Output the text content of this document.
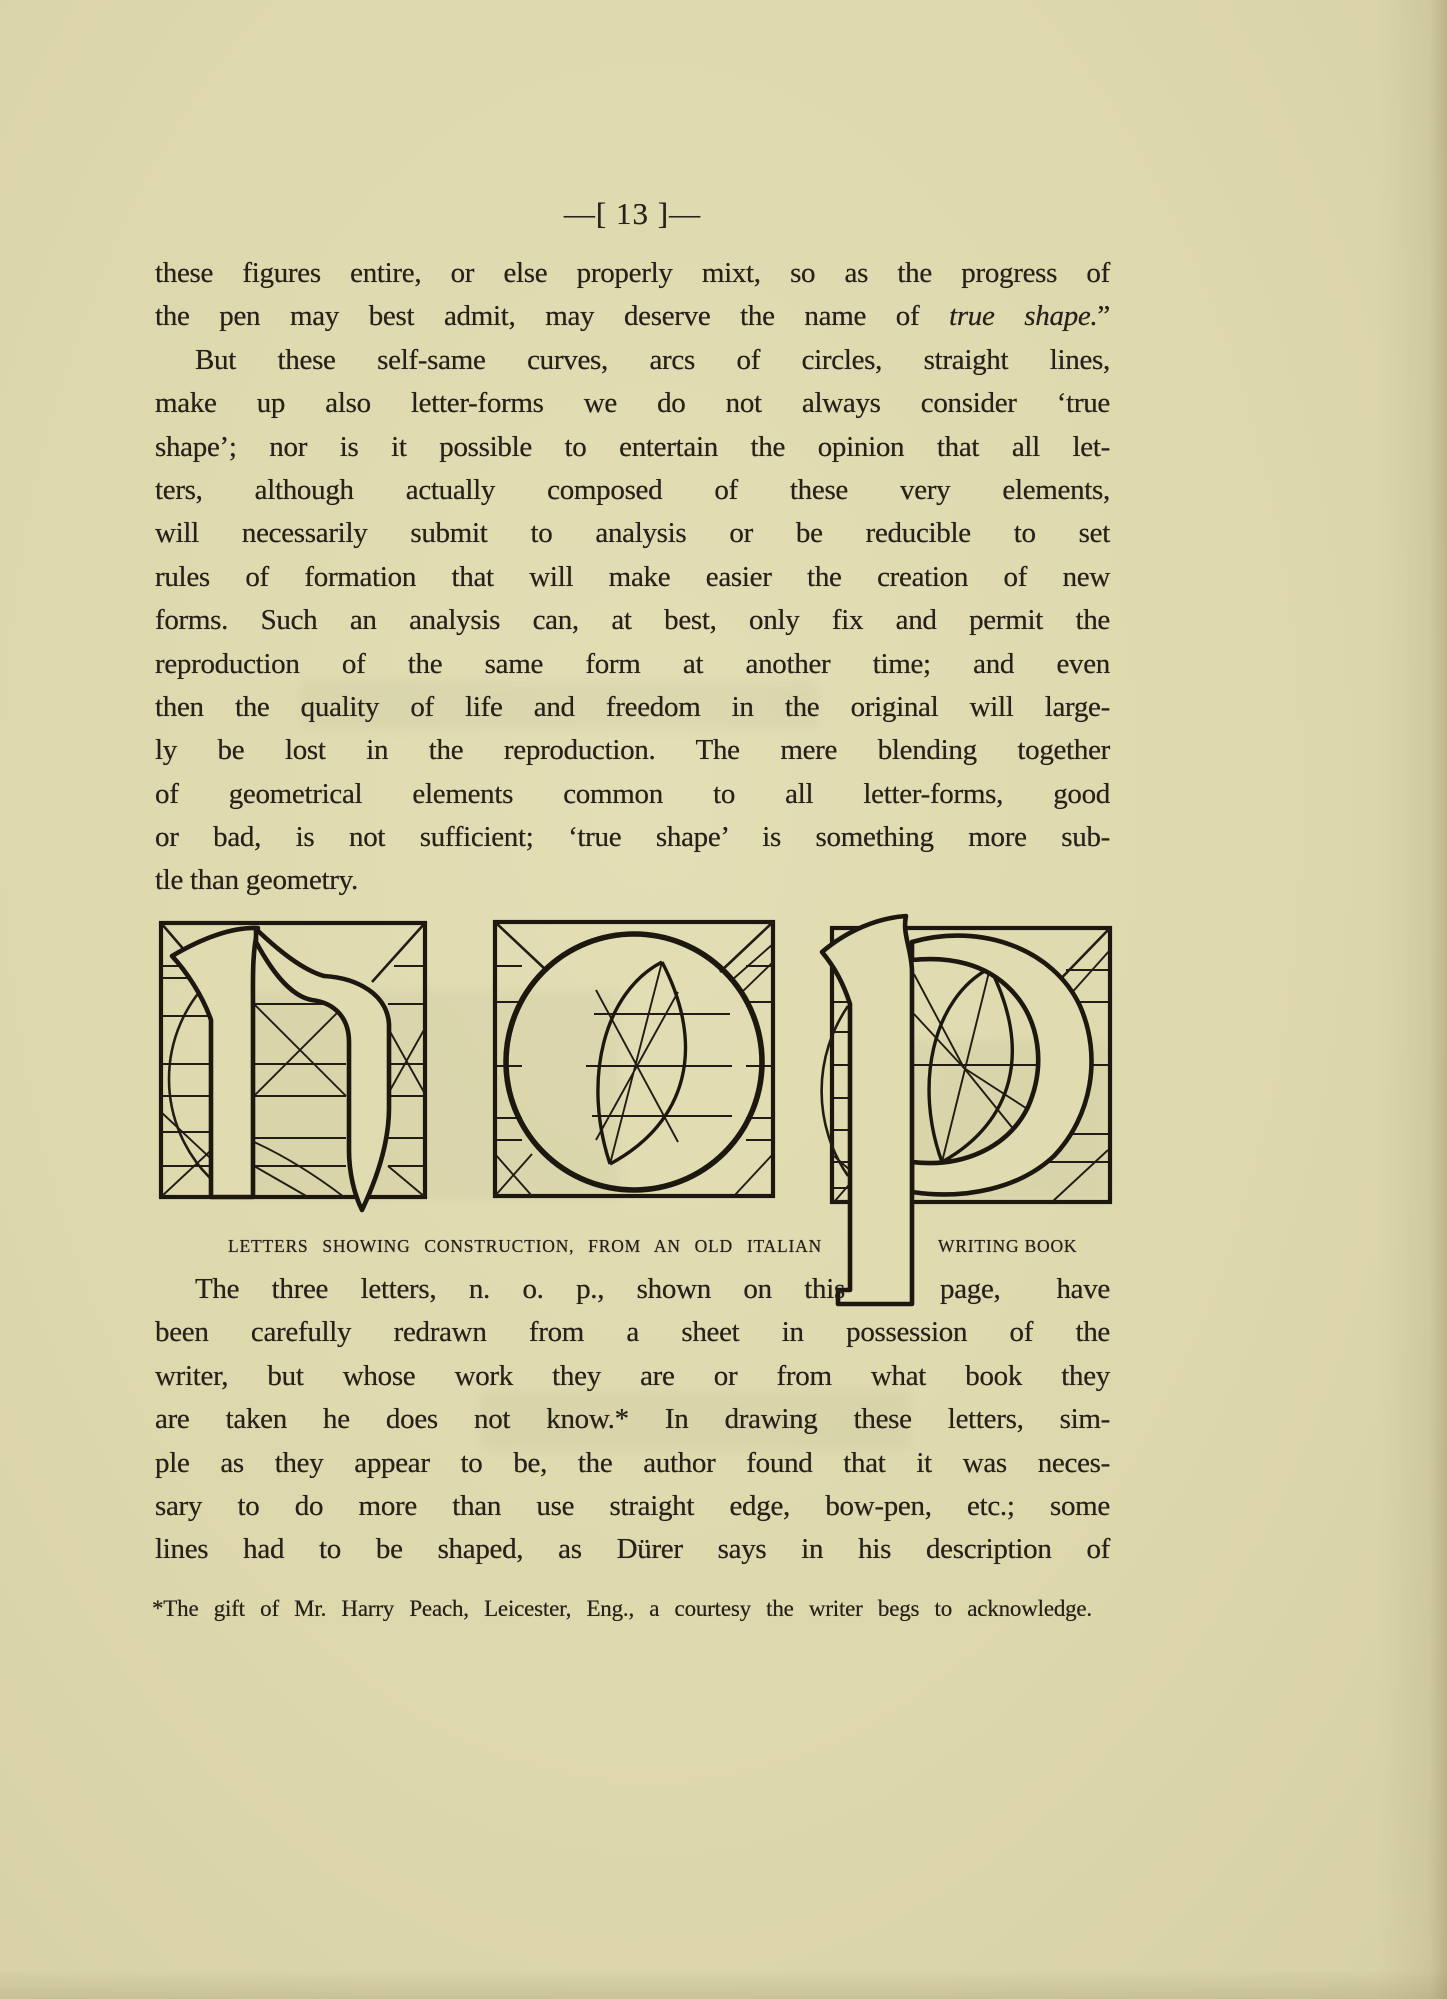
—[ 13 ]—
these figures entire, or else properly mixt, so as the progress of
the pen may best admit, may deserve the name of true shape.”
But these self-same curves, arcs of circles, straight lines,
make up also letter-forms we do not always consider ‘true
shape’; nor is it possible to entertain the opinion that all let-
ters, although actually composed of these very elements,
will necessarily submit to analysis or be reducible to set
rules of formation that will make easier the creation of new
forms. Such an analysis can, at best, only fix and permit the
reproduction of the same form at another time; and even
then the quality of life and freedom in the original will large-
ly be lost in the reproduction. The mere blending together
of geometrical elements common to all letter-forms, good
or bad, is not sufficient; ‘true shape’ is something more sub-
tle than geometry.
LETTERS SHOWING CONSTRUCTION, FROM AN OLD ITALIAN	WRITING BOOK
The three letters, n. o. p., shown on this	page, have
been carefully redrawn from a sheet in possession of the
writer, but whose work they are or from what book they
are taken he does not know.* In drawing these letters, sim-
ple as they appear to be, the author found that it was neces-
sary to do more than use straight edge, bow-pen, etc.; some
lines had to be shaped, as Dürer says in his description of
*The gift of Mr. Harry Peach, Leicester, Eng., a courtesy the writer begs to acknowledge.
